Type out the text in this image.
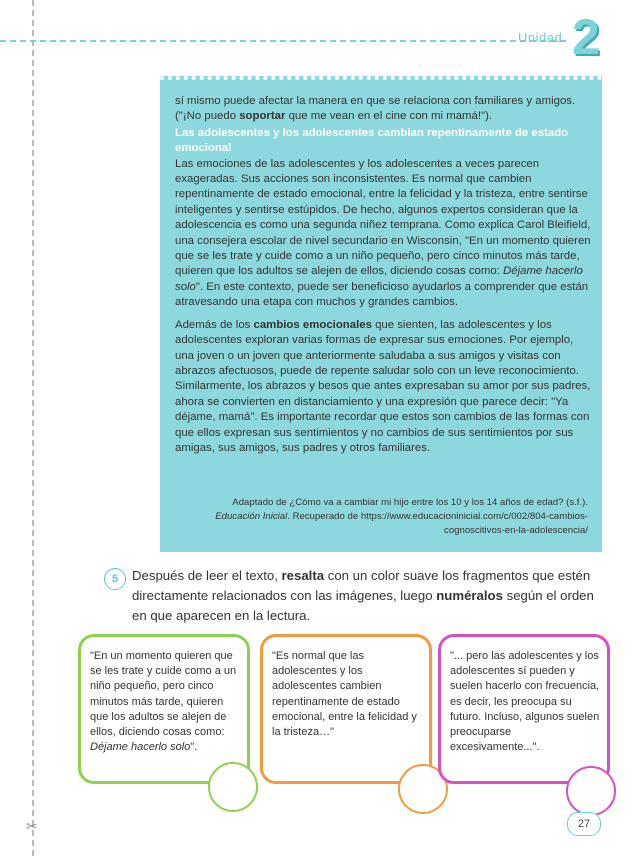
Unidad 2

sí mismo puede afectar la manera en que se relaciona con familiares y amigos. ("¡No puedo soportar que me vean en el cine con mi mamá!").

Las adolescentes y los adolescentes cambian repentinamente de estado emocional

Las emociones de las adolescentes y los adolescentes a veces parecen exageradas. Sus acciones son inconsistentes. Es normal que cambien repentinamente de estado emocional, entre la felicidad y la tristeza, entre sentirse inteligentes y sentirse estúpidos. De hecho, algunos expertos consideran que la adolescencia es como una segunda niñez temprana. Como explica Carol Bleifield, una consejera escolar de nivel secundario en Wisconsin, "En un momento quieren que se les trate y cuide como a un niño pequeño, pero cinco minutos más tarde, quieren que los adultos se alejen de ellos, diciendo cosas como: Déjame hacerlo solo". En este contexto, puede ser beneficioso ayudarlos a comprender que están atravesando una etapa con muchos y grandes cambios.

Además de los cambios emocionales que sienten, las adolescentes y los adolescentes exploran varias formas de expresar sus emociones. Por ejemplo, una joven o un joven que anteriormente saludaba a sus amigos y visitas con abrazos afectuosos, puede de repente saludar solo con un leve reconocimiento. Similarmente, los abrazos y besos que antes expresaban su amor por sus padres, ahora se convierten en distanciamiento y una expresión que parece decir: "Ya déjame, mamá". Es importante recordar que estos son cambios de las formas con que ellos expresan sus sentimientos y no cambios de sus sentimientos por sus amigas, sus amigos, sus padres y otros familiares.

Adaptado de ¿Cómo va a cambiar mi hijo entre los 10 y los 14 años de edad? (s.f.).
Educación Inicial. Recuperado de https://www.educacioninicial.com/c/002/804-cambios-cognoscitivos-en-la-adolescencia/
5	Después de leer el texto, resalta con un color suave los fragmentos que estén directamente relacionados con las imágenes, luego numéralos según el orden en que aparecen en la lectura.
"En un momento quieren que se les trate y cuide como a un niño pequeño, pero cinco minutos más tarde, quieren que los adultos se alejen de ellos, diciendo cosas como: Déjame hacerlo solo".
"Es normal que las adolescentes y los adolescentes cambien repentinamente de estado emocional, entre la felicidad y la tristeza…"
"... pero las adolescentes y los adolescentes sí pueden y suelen hacerlo con frecuencia, es decir, les preocupa su futuro. Incluso, algunos suelen preocuparse excesivamente...".
✂	27
